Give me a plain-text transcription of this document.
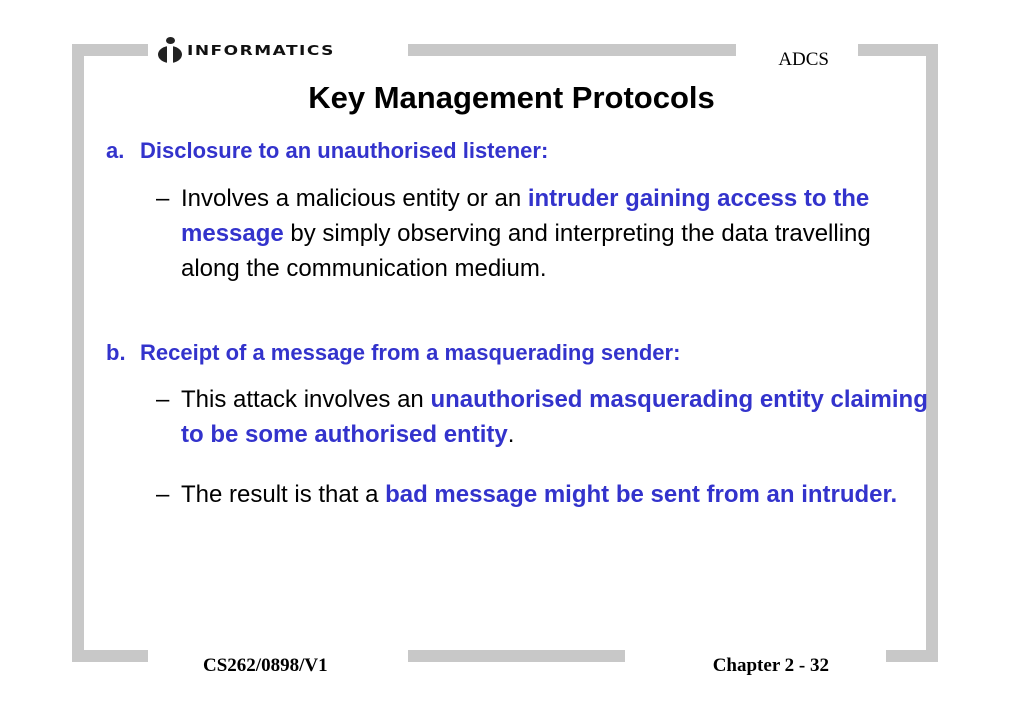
INFORMATICS	ADCS
Key Management Protocols
a. Disclosure to an unauthorised listener:
– Involves a malicious entity or an intruder gaining access to the message by simply observing and interpreting the data travelling along the communication medium.
b. Receipt of a message from a masquerading sender:
– This attack involves an unauthorised masquerading entity claiming to be some authorised entity.
– The result is that a bad message might be sent from an intruder.
CS262/0898/V1	Chapter 2 - 32
